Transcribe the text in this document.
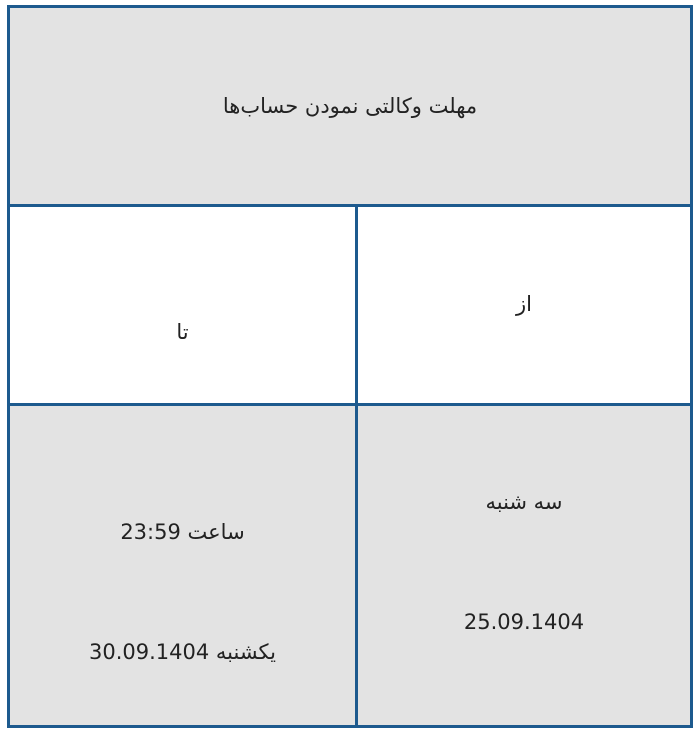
مهلت وکالتی نمودن حساب‌ها
تا
از
ساعت 23:59
یکشنبه 30.09.1404
سه شنبه
25.09.1404
